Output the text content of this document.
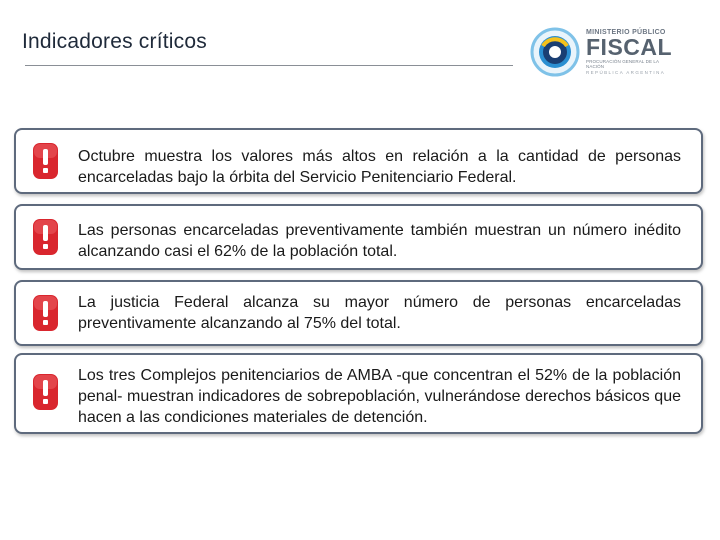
Indicadores críticos	MINISTERIO PÚBLICO
FISCAL
PROCURACIÓN GENERAL DE LA NACIÓN
REPÚBLICA ARGENTINA
Octubre muestra los valores más altos en relación a la cantidad de personas encarceladas bajo la órbita del Servicio Penitenciario Federal.
Las personas encarceladas preventivamente también muestran un número inédito alcanzando casi el 62% de la población total.
La justicia Federal alcanza su mayor número de personas encarceladas preventivamente alcanzando al 75% del total.
Los tres Complejos penitenciarios de AMBA -que concentran el 52% de la población penal- muestran indicadores de sobrepoblación, vulnerándose derechos básicos que hacen a las condiciones materiales de detención.
